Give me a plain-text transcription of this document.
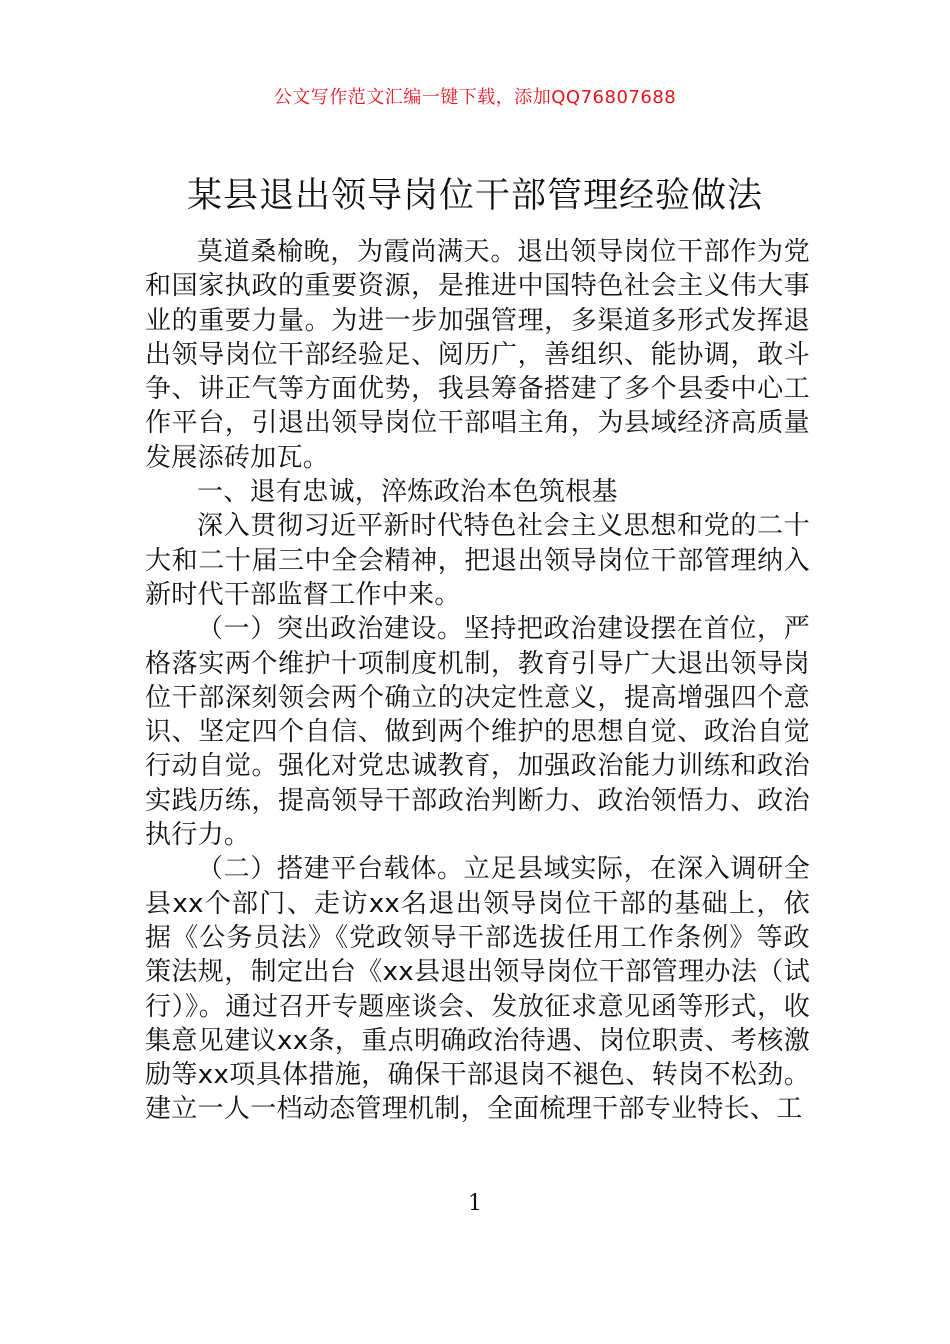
公文写作范文汇编一键下载，添加QQ76807688
某县退出领导岗位干部管理经验做法

莫道桑榆晚，为霞尚满天。退出领导岗位干部作为党和国家执政的重要资源，是推进中国特色社会主义伟大事业的重要力量。为进一步加强管理，多渠道多形式发挥退出领导岗位干部经验足、阅历广，善组织、能协调，敢斗争、讲正气等方面优势，我县筹备搭建了多个县委中心工作平台，引退出领导岗位干部唱主角，为县域经济高质量发展添砖加瓦。

一、退有忠诚，淬炼政治本色筑根基

深入贯彻习近平新时代特色社会主义思想和党的二十大和二十届三中全会精神，把退出领导岗位干部管理纳入新时代干部监督工作中来。

（一）突出政治建设。坚持把政治建设摆在首位，严格落实两个维护十项制度机制，教育引导广大退出领导岗位干部深刻领会两个确立的决定性意义，提高增强四个意识、坚定四个自信、做到两个维护的思想自觉、政治自觉行动自觉。强化对党忠诚教育，加强政治能力训练和政治实践历练，提高领导干部政治判断力、政治领悟力、政治执行力。

（二）搭建平台载体。立足县域实际，在深入调研全县xx个部门、走访xx名退出领导岗位干部的基础上，依据《公务员法》《党政领导干部选拔任用工作条例》等政策法规，制定出台《xx县退出领导岗位干部管理办法（试行）》。通过召开专题座谈会、发放征求意见函等形式，收集意见建议xx条，重点明确政治待遇、岗位职责、考核激励等xx项具体措施，确保干部退岗不褪色、转岗不松劲。建立一人一档动态管理机制，全面梳理干部专业特长、工

1
